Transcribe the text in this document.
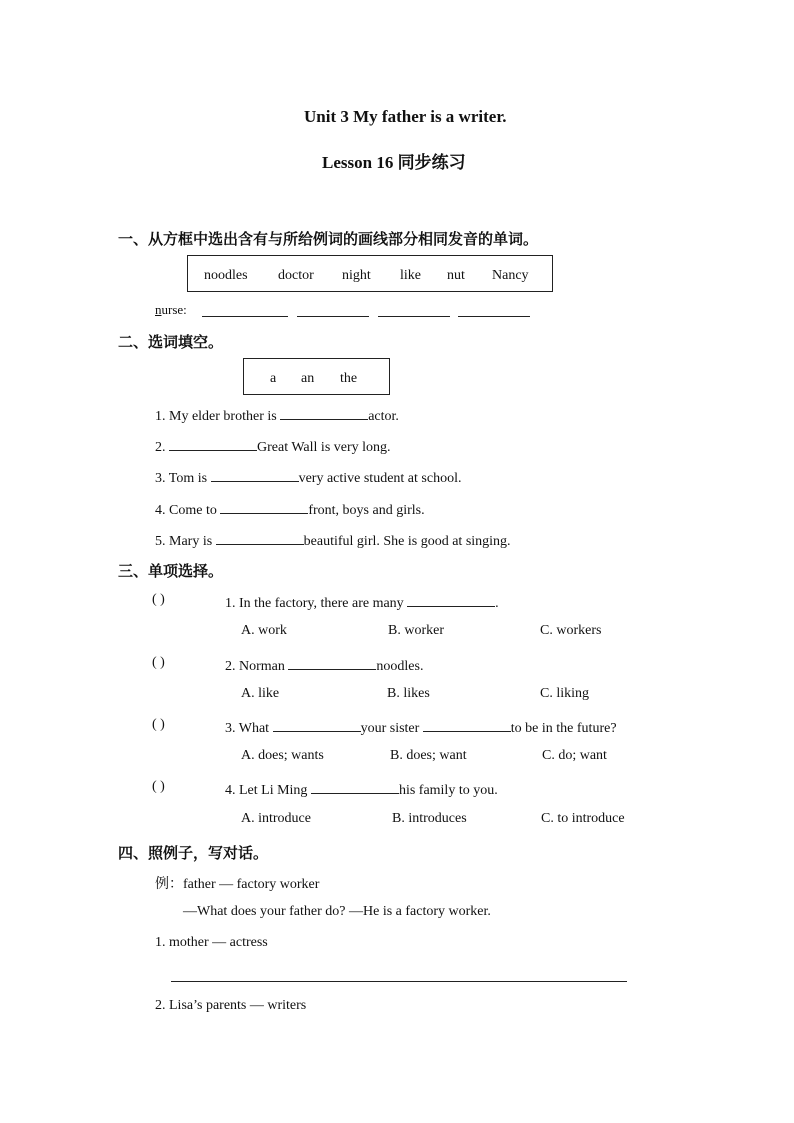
Unit 3 My father is a writer.
Lesson 16 同步练习
一、从方框中选出含有与所给例词的画线部分相同发音的单词。
noodles doctor night like nut Nancy
nurse:
二、选词填空。
a an the
1. My elder brother is	actor.
2.	Great Wall is very long.
3. Tom is	very active student at school.
4. Come to	front, boys and girls.
5. Mary is	beautiful girl. She is good at singing.
三、单项选择。
( )	1. In the factory, there are many	.
A. work	B. worker	C. workers
( )	2. Norman	noodles.
A. like	B. likes	C. liking
( )	3. What	your sister	to be in the future?
A. does; wants	B. does; want	C. do; want
( )	4. Let Li Ming	his family to you.
A. introduce	B. introduces	C. to introduce
四、照例子，写对话。
例：father — factory worker
—What does your father do? —He is a factory worker.
1. mother — actress
2. Lisa’s parents — writers
